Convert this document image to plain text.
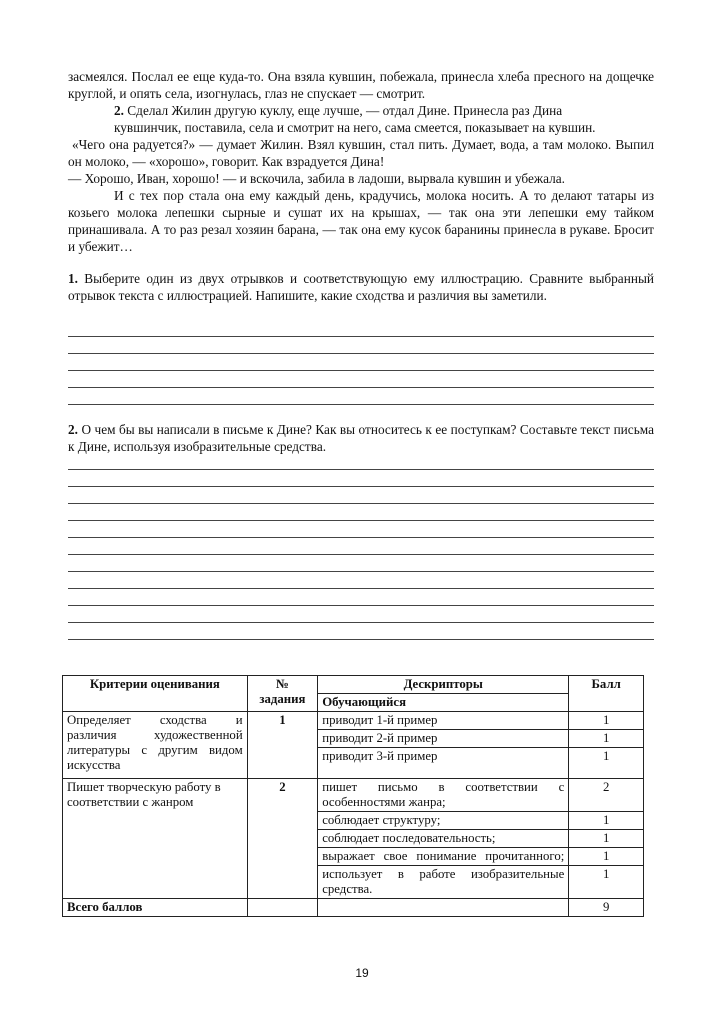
засмеялся. Послал ее еще куда-то. Она взяла кувшин, побежала, принесла хлеба пресного на дощечке круглой, и опять села, изогнулась, глаз не спускает — смотрит.

2. Сделал Жилин другую куклу, еще лучше, — отдал Дине. Принесла раз Дина

кувшинчик, поставила, села и смотрит на него, сама смеется, показывает на кувшин.

«Чего она радуется?» — думает Жилин. Взял кувшин, стал пить. Думает, вода, а там молоко. Выпил он молоко, — «хорошо», говорит. Как взрадуется Дина!

— Хорошо, Иван, хорошо! — и вскочила, забила в ладоши, вырвала кувшин и убежала.

И с тех пор стала она ему каждый день, крадучись, молока носить. А то делают татары из козьего молока лепешки сырные и сушат их на крышах, — так она эти лепешки ему тайком принашивала. А то раз резал хозяин барана, — так она ему кусок баранины принесла в рукаве. Бросит и убежит…

1. Выберите один из двух отрывков и соответствующую ему иллюстрацию. Сравните выбранный отрывок текста с иллюстрацией. Напишите, какие сходства и различия вы заметили.

2. О чем бы вы написали в письме к Дине? Как вы относитесь к ее поступкам? Составьте текст письма к Дине, используя изобразительные средства.

Критерии оценивания	№ задания	Дескрипторы	Балл
		Обучающийся	
Определяет сходства и различия художественной литературы с другим видом искусства	1	приводит 1-й пример	1
		приводит 2-й пример	1
		приводит 3-й пример	1
Пишет творческую работу в соответствии с жанром	2	пишет письмо в соответствии с особенностями жанра;	2
		соблюдает структуру;	1
		соблюдает последовательность;	1
		выражает свое понимание прочитанного;	1
		использует в работе изобразительные средства.	1
Всего баллов			9
19
